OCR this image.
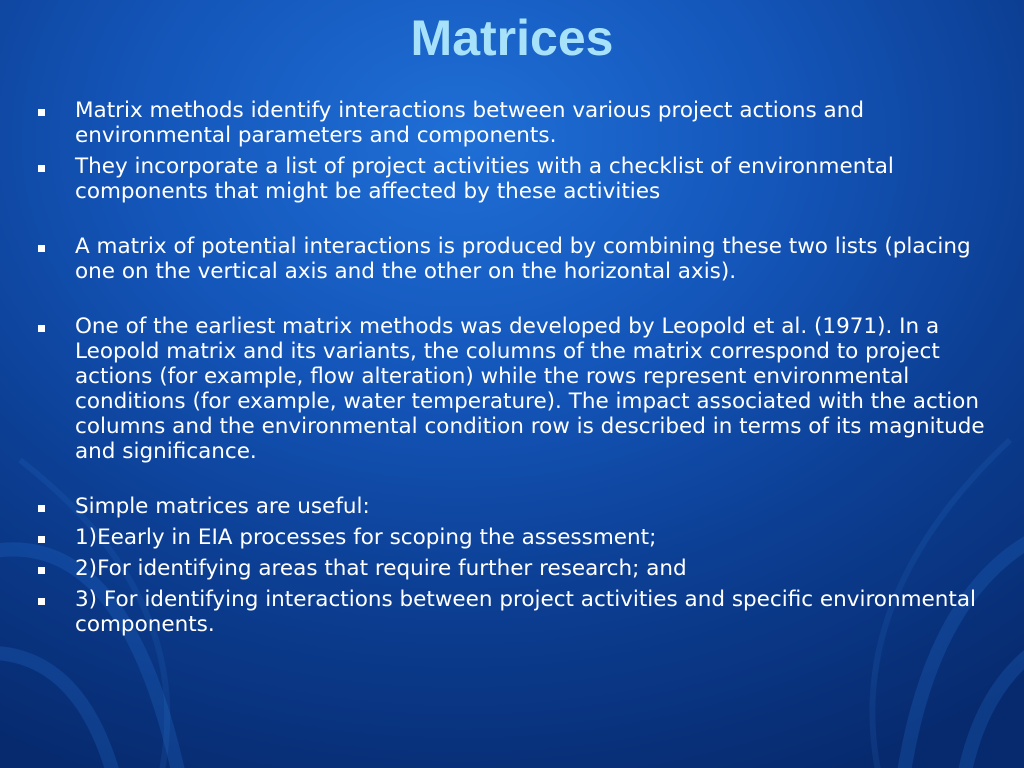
Matrices
Matrix methods identify interactions between various project actions and environmental parameters and components.
They incorporate a list of project activities with a checklist of environmental components that might be affected by these activities
A matrix of potential interactions is produced by combining these two lists (placing one on the vertical axis and the other on the horizontal axis).
One of the earliest matrix methods was developed by Leopold et al. (1971). In a Leopold matrix and its variants, the columns of the matrix correspond to project actions (for example, flow alteration) while the rows represent environmental conditions (for example, water temperature). The impact associated with the action columns and the environmental condition row is described in terms of its magnitude and significance.
Simple matrices are useful:
1)Eearly in EIA processes for scoping the assessment;
2)For identifying areas that require further research; and
3) For identifying interactions between project activities and specific environmental components.
